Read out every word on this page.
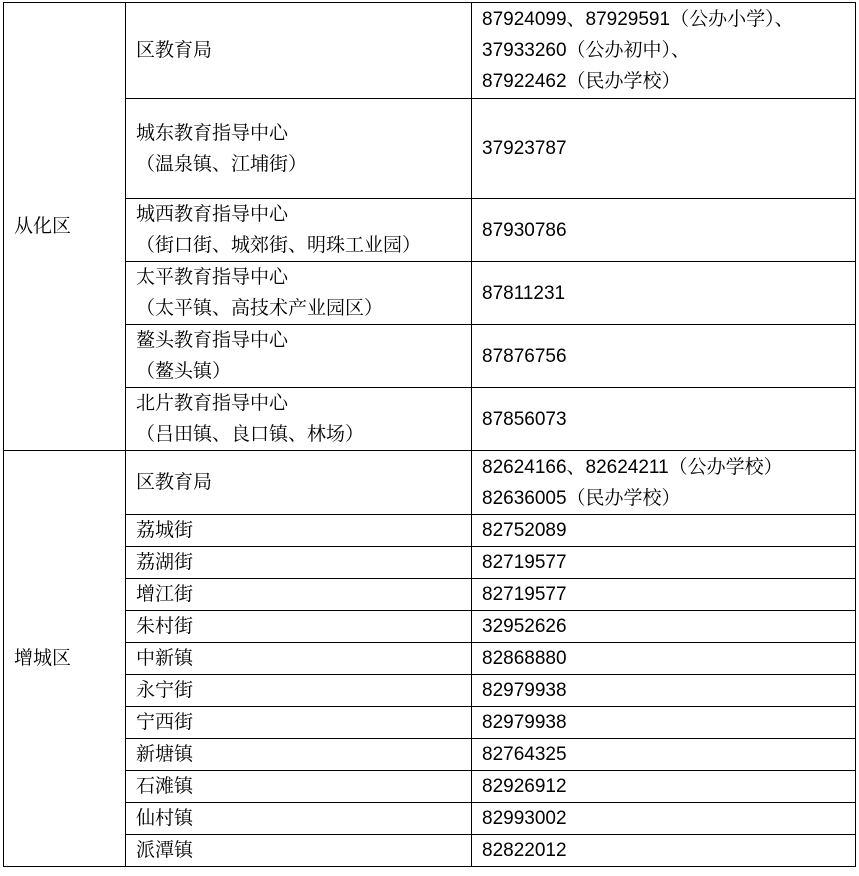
从化区	区教育局	87924099、87929591（公办小学）、
37933260（公办初中）、
87922462（民办学校）

	城东教育指导中心
（温泉镇、江埔街）	37923787

	城西教育指导中心
（街口街、城郊街、明珠工业园）	87930786

	太平教育指导中心
（太平镇、高技术产业园区）	87811231

	鳌头教育指导中心
（鳌头镇）	87876756

	北片教育指导中心
（吕田镇、良口镇、林场）	87856073

增城区	区教育局	82624166、82624211（公办学校）
82636005（民办学校）

	荔城街	82752089

	荔湖街	82719577

	增江街	82719577

	朱村街	32952626

	中新镇	82868880

	永宁街	82979938

	宁西街	82979938

	新塘镇	82764325

	石滩镇	82926912

	仙村镇	82993002

	派潭镇	82822012
